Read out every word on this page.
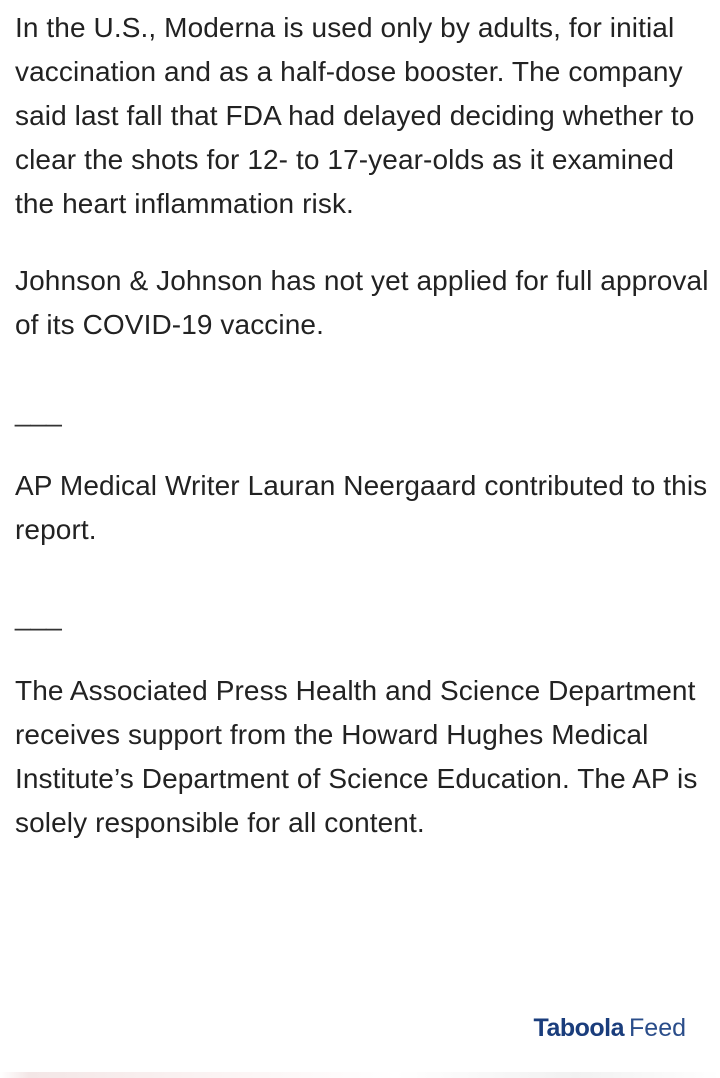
In the U.S., Moderna is used only by adults, for initial vaccination and as a half-dose booster. The company said last fall that FDA had delayed deciding whether to clear the shots for 12- to 17-year-olds as it examined the heart inflammation risk.

Johnson & Johnson has not yet applied for full approval of its COVID-19 vaccine.

___

AP Medical Writer Lauran Neergaard contributed to this report.

___

The Associated Press Health and Science Department receives support from the Howard Hughes Medical Institute’s Department of Science Education. The AP is solely responsible for all content.

Taboola Feed
